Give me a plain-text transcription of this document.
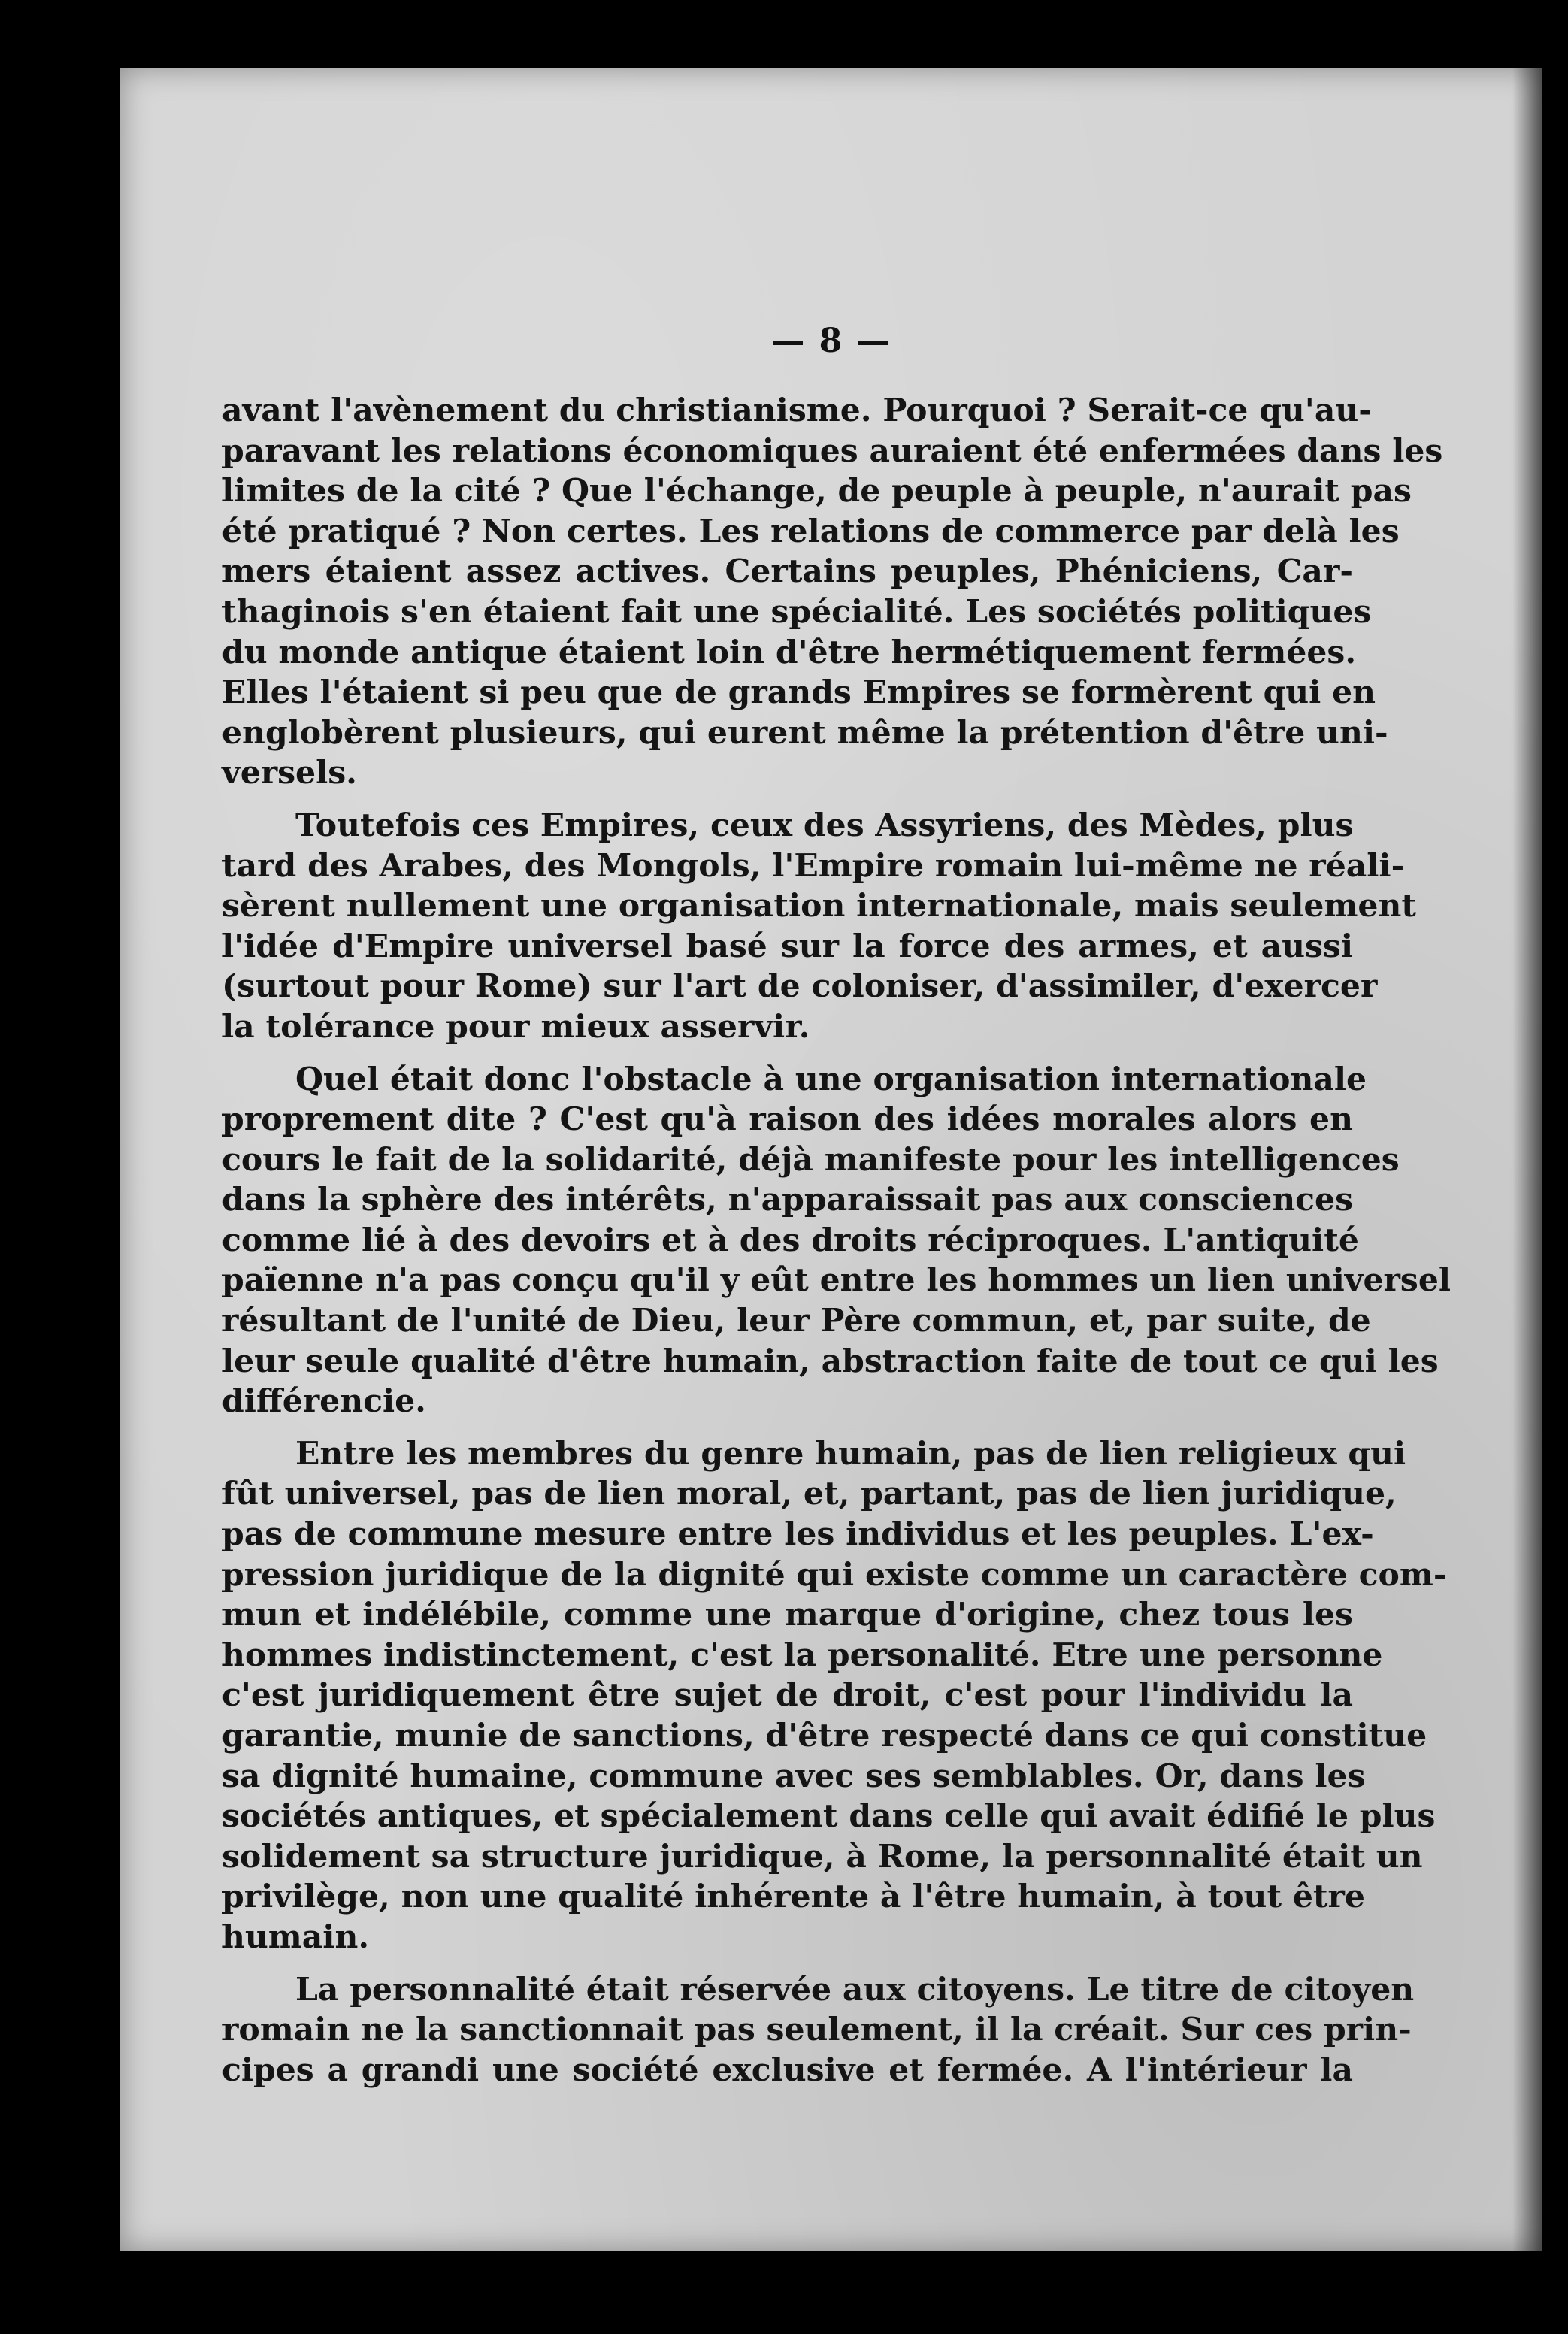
— 8 —
avant l'avènement du christianisme. Pourquoi ? Serait-ce qu'au-
paravant les relations économiques auraient été enfermées dans les
limites de la cité ? Que l'échange, de peuple à peuple, n'aurait pas
été pratiqué ? Non certes. Les relations de commerce par delà les
mers étaient assez actives. Certains peuples, Phéniciens, Car-
thaginois s'en étaient fait une spécialité. Les sociétés politiques
du monde antique étaient loin d'être hermétiquement fermées.
Elles l'étaient si peu que de grands Empires se formèrent qui en
englobèrent plusieurs, qui eurent même la prétention d'être uni-
versels.
Toutefois ces Empires, ceux des Assyriens, des Mèdes, plus
tard des Arabes, des Mongols, l'Empire romain lui-même ne réali-
sèrent nullement une organisation internationale, mais seulement
l'idée d'Empire universel basé sur la force des armes, et aussi
(surtout pour Rome) sur l'art de coloniser, d'assimiler, d'exercer
la tolérance pour mieux asservir.
Quel était donc l'obstacle à une organisation internationale
proprement dite ? C'est qu'à raison des idées morales alors en
cours le fait de la solidarité, déjà manifeste pour les intelligences
dans la sphère des intérêts, n'apparaissait pas aux consciences
comme lié à des devoirs et à des droits réciproques. L'antiquité
païenne n'a pas conçu qu'il y eût entre les hommes un lien universel
résultant de l'unité de Dieu, leur Père commun, et, par suite, de
leur seule qualité d'être humain, abstraction faite de tout ce qui les
différencie.
Entre les membres du genre humain, pas de lien religieux qui
fût universel, pas de lien moral, et, partant, pas de lien juridique,
pas de commune mesure entre les individus et les peuples. L'ex-
pression juridique de la dignité qui existe comme un caractère com-
mun et indélébile, comme une marque d'origine, chez tous les
hommes indistinctement, c'est la personalité. Etre une personne
c'est juridiquement être sujet de droit, c'est pour l'individu la
garantie, munie de sanctions, d'être respecté dans ce qui constitue
sa dignité humaine, commune avec ses semblables. Or, dans les
sociétés antiques, et spécialement dans celle qui avait édifié le plus
solidement sa structure juridique, à Rome, la personnalité était un
privilège, non une qualité inhérente à l'être humain, à tout être
humain.
La personnalité était réservée aux citoyens. Le titre de citoyen
romain ne la sanctionnait pas seulement, il la créait. Sur ces prin-
cipes a grandi une société exclusive et fermée. A l'intérieur la
